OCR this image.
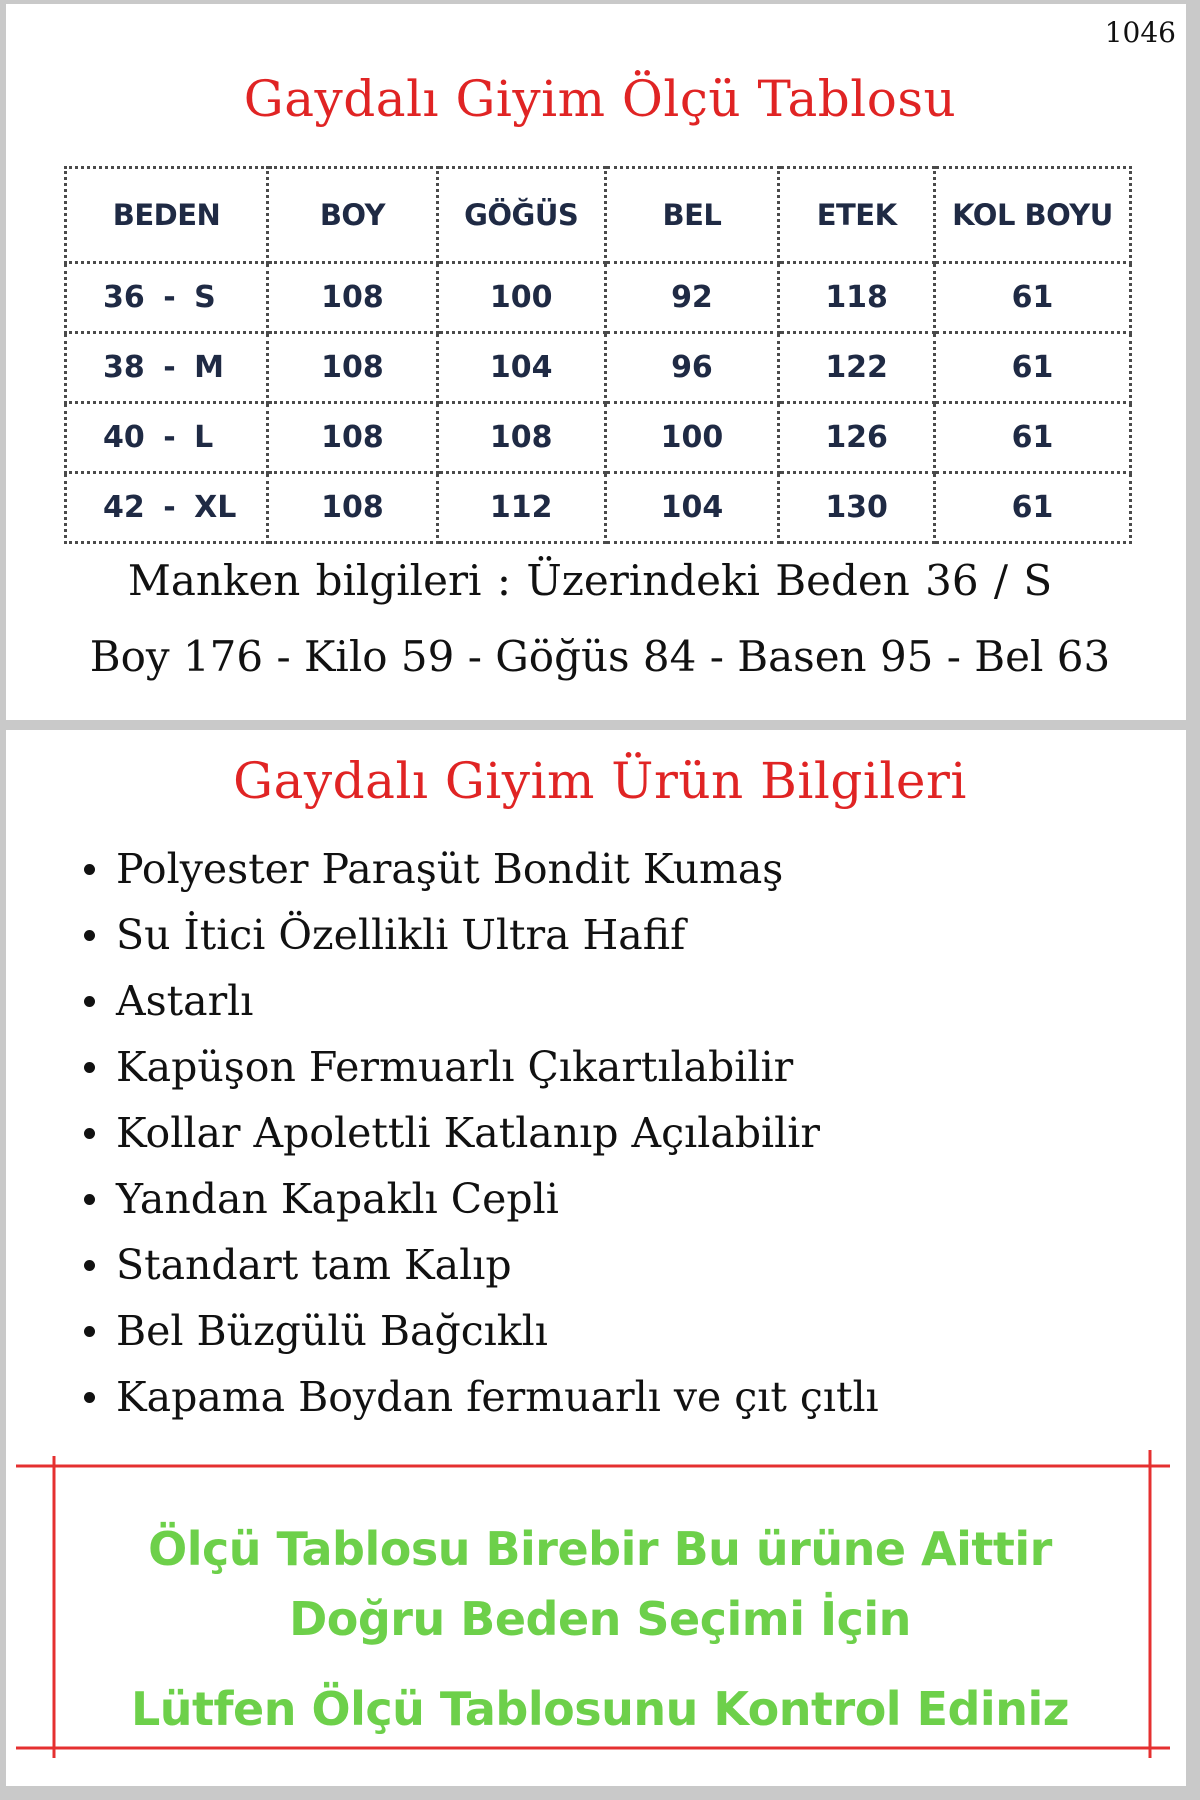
1046
Gaydalı Giyim Ölçü Tablosu
BEDEN	BOY	GÖĞÜS	BEL	ETEK	KOL BOYU
36 - S	108	100	92	118	61
38 - M	108	104	96	122	61
40 - L	108	108	100	126	61
42 - XL	108	112	104	130	61
Manken bilgileri : Üzerindeki Beden 36 / S
Boy 176 - Kilo 59 - Göğüs 84 - Basen 95 - Bel 63
Gaydalı Giyim Ürün Bilgileri
Polyester Paraşüt Bondit Kumaş
Su İtici Özellikli Ultra Hafif
Astarlı
Kapüşon Fermuarlı Çıkartılabilir
Kollar Apolettli Katlanıp Açılabilir
Yandan Kapaklı Cepli
Standart tam Kalıp
Bel Büzgülü Bağcıklı
Kapama Boydan fermuarlı ve çıt çıtlı
Ölçü Tablosu Birebir Bu ürüne Aittir
Doğru Beden Seçimi İçin
Lütfen Ölçü Tablosunu Kontrol Ediniz
